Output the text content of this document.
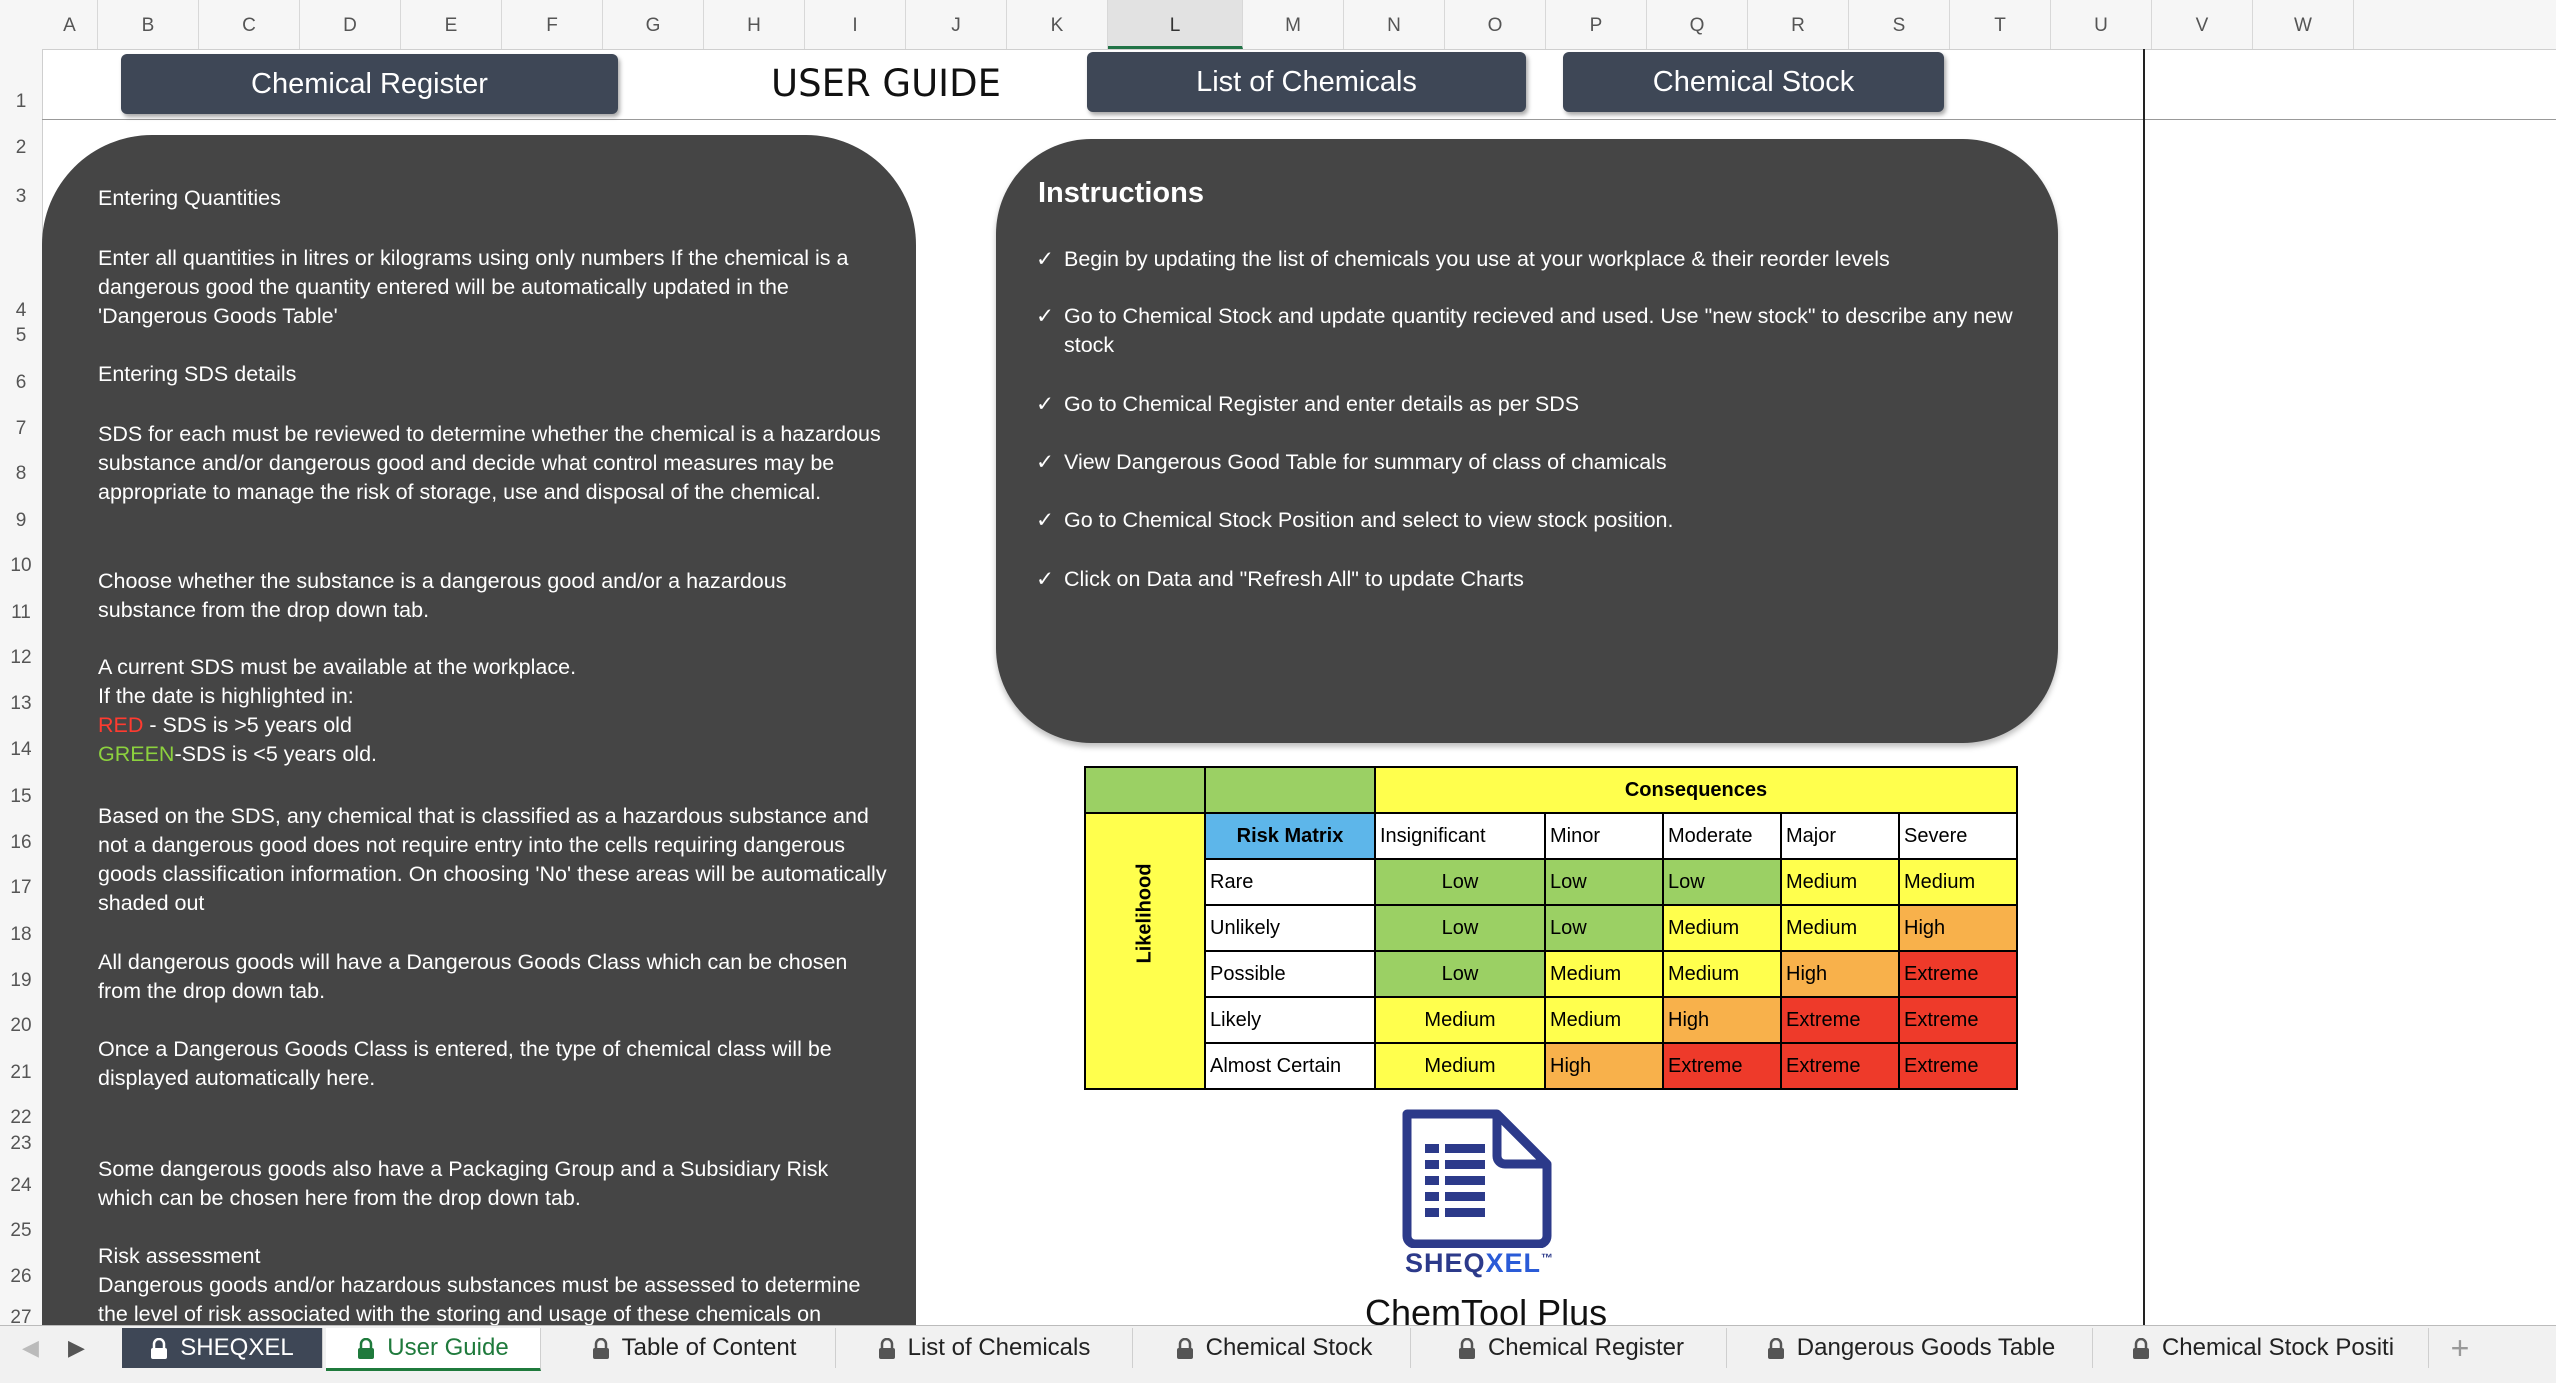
A	B	C	D	E	F	G	H	I	J	K	L	M	N	O	P	Q	R	S	T	U	V	W
1
2
3
4
5
6
7
8
9
10
11
12
13
14
15
16
17
18
19
20
21
22
23
24
25
26
27
Chemical Register	USER GUIDE	List of Chemicals	Chemical Stock
Entering Quantities
Enter all quantities in litres or kilograms using only numbers If the chemical is a dangerous good the quantity entered will be automatically updated in the 'Dangerous Goods Table'
Entering SDS details
SDS for each must be reviewed to determine whether the chemical is a hazardous substance and/or dangerous good and decide what control measures may be appropriate to manage the risk of storage, use and disposal of the chemical.
Choose whether the substance is a dangerous good and/or a hazardous substance from the drop down tab.
A current SDS must be available at the workplace.
If the date is highlighted in:
RED - SDS is >5 years old
GREEN-SDS is <5 years old.
Based on the SDS, any chemical that is classified as a hazardous substance and not a dangerous good does not require entry into the cells requiring dangerous goods classification information. On choosing 'No' these areas will be automatically shaded out
All dangerous goods will have a Dangerous Goods Class which can be chosen from the drop down tab.
Once a Dangerous Goods Class is entered, the type of chemical class will be displayed automatically here.
Some dangerous goods also have a Packaging Group and a Subsidiary Risk which can be chosen here from the drop down tab.
Risk assessment
Dangerous goods and/or hazardous substances must be assessed to determine the level of risk associated with the storing and usage of these chemicals on
Instructions
✓ Begin by updating the list of chemicals you use at your workplace & their reorder levels
✓ Go to Chemical Stock and update quantity recieved and used. Use "new stock" to describe any new stock
✓ Go to Chemical Register and enter details as per SDS
✓ View Dangerous Good Table for summary of class of chamicals
✓ Go to Chemical Stock Position and select to view stock position.
✓ Click on Data and "Refresh All" to update Charts
		Consequences				

Likelihood	Risk Matrix	Insignificant	Minor	Moderate	Major	Severe
	Rare	Low	Low	Low	Medium	Medium
	Unlikely	Low	Low	Medium	Medium	High
	Possible	Low	Medium	Medium	High	Extreme
	Likely	Medium	Medium	High	Extreme	Extreme
	Almost Certain	Medium	High	Extreme	Extreme	Extreme
SHEQXEL™
ChemTool Plus
◀ ▶	SHEQXEL	User Guide	Table of Content	List of Chemicals	Chemical Stock	Chemical Register	Dangerous Goods Table	Chemical Stock Positi	+
